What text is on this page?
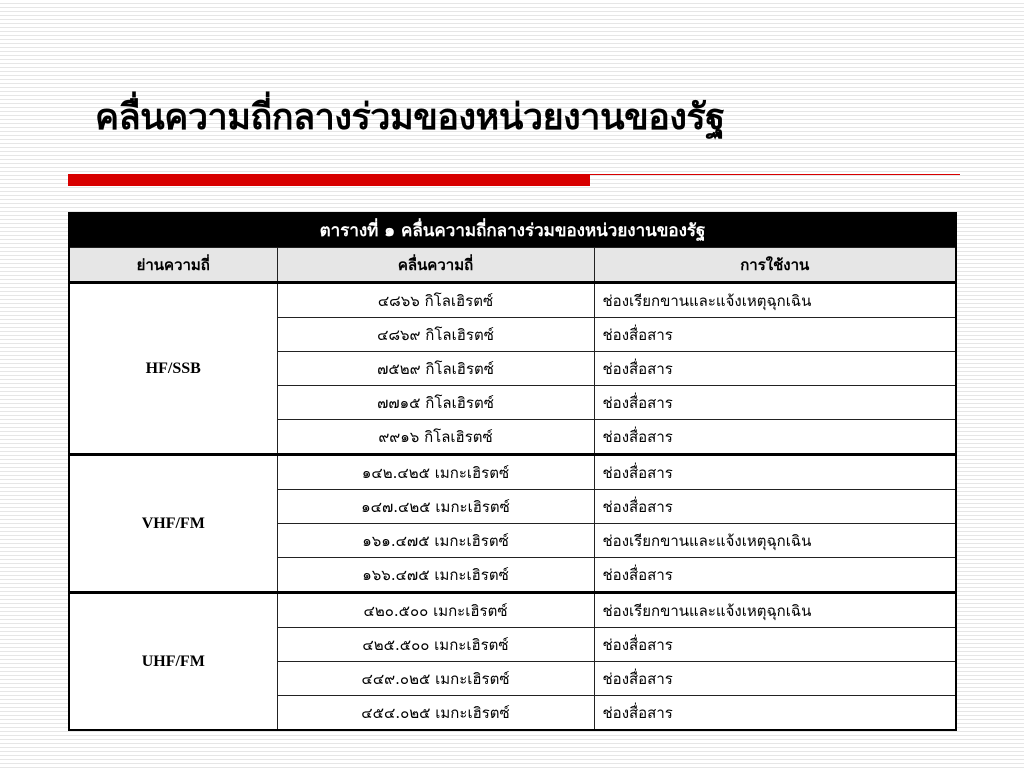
คลื่นความถี่กลางร่วมของหน่วยงานของรัฐ
ตารางที่ ๑ คลื่นความถี่กลางร่วมของหน่วยงานของรัฐ		
ย่านความถี่	คลื่นความถี่	การใช้งาน
HF/SSB	๔๘๖๖ กิโลเฮิรตซ์	ช่องเรียกขานและแจ้งเหตุฉุกเฉิน
	๔๘๖๙ กิโลเฮิรตซ์	ช่องสื่อสาร
	๗๕๒๙ กิโลเฮิรตซ์	ช่องสื่อสาร
	๗๗๑๕ กิโลเฮิรตซ์	ช่องสื่อสาร
	๙๙๑๖ กิโลเฮิรตซ์	ช่องสื่อสาร
VHF/FM	๑๔๒.๔๒๕ เมกะเฮิรตซ์	ช่องสื่อสาร
	๑๔๗.๔๒๕ เมกะเฮิรตซ์	ช่องสื่อสาร
	๑๖๑.๔๗๕ เมกะเฮิรตซ์	ช่องเรียกขานและแจ้งเหตุฉุกเฉิน
	๑๖๖.๔๗๕ เมกะเฮิรตซ์	ช่องสื่อสาร
UHF/FM	๔๒๐.๕๐๐ เมกะเฮิรตซ์	ช่องเรียกขานและแจ้งเหตุฉุกเฉิน
	๔๒๕.๕๐๐ เมกะเฮิรตซ์	ช่องสื่อสาร
	๔๔๙.๐๒๕ เมกะเฮิรตซ์	ช่องสื่อสาร
	๔๕๔.๐๒๕ เมกะเฮิรตซ์	ช่องสื่อสาร
